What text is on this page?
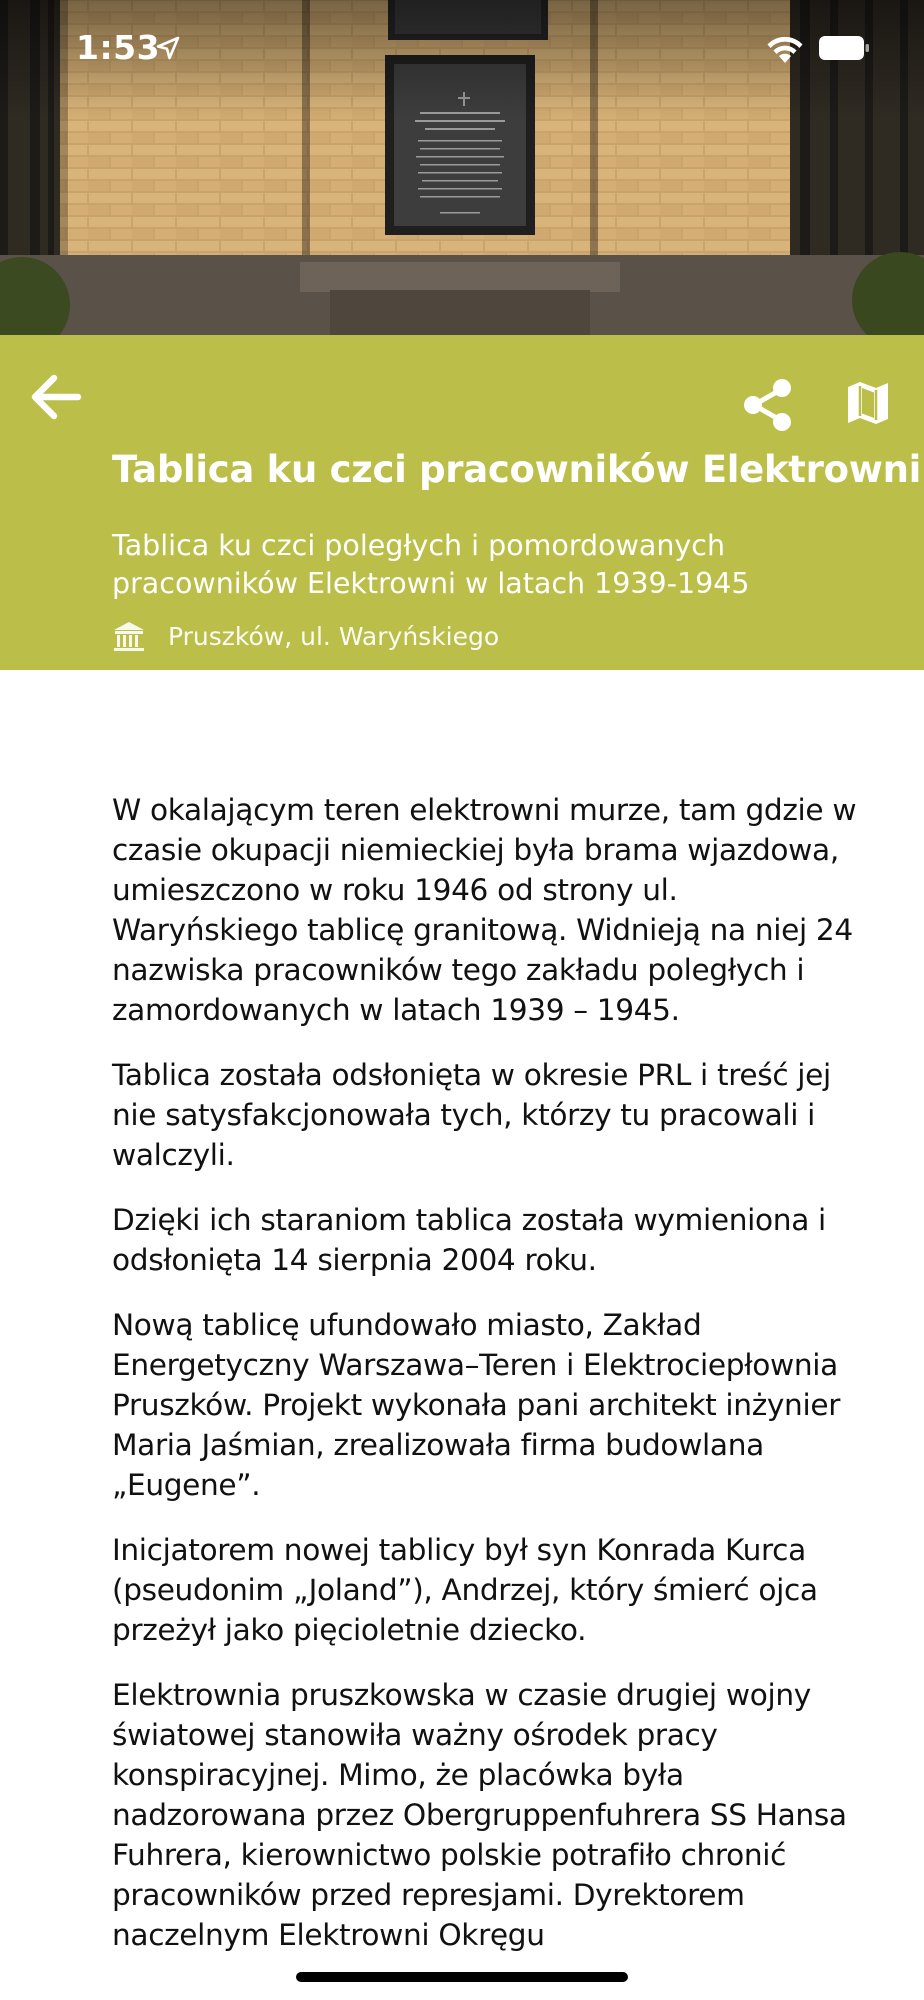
1:53
Tablica ku czci pracowników Elektrowni

Tablica ku czci poległych i pomordowanych pracowników Elektrowni w latach 1939-1945

Pruszków, ul. Waryńskiego

W okalającym teren elektrowni murze, tam gdzie w czasie okupacji niemieckiej była brama wjazdowa, umieszczono w roku 1946 od strony ul. Waryńskiego tablicę granitową. Widnieją na niej 24 nazwiska pracowników tego zakładu poległych i zamordowanych w latach 1939 – 1945.

Tablica została odsłonięta w okresie PRL i treść jej nie satysfakcjonowała tych, którzy tu pracowali i walczyli.

Dzięki ich staraniom tablica została wymieniona i odsłonięta 14 sierpnia 2004 roku.

Nową tablicę ufundowało miasto, Zakład Energetyczny Warszawa–Teren i Elektrociepłownia Pruszków. Projekt wykonała pani architekt inżynier Maria Jaśmian, zrealizowała firma budowlana „Eugene”.

Inicjatorem nowej tablicy był syn Konrada Kurca (pseudonim „Joland”), Andrzej, który śmierć ojca przeżył jako pięcioletnie dziecko.

Elektrownia pruszkowska w czasie drugiej wojny światowej stanowiła ważny ośrodek pracy konspiracyjnej. Mimo, że placówka była nadzorowana przez Obergruppenfuhrera SS Hansa Fuhrera, kierownictwo polskie potrafiło chronić pracowników przed represjami. Dyrektorem naczelnym Elektrowni Okręgu
